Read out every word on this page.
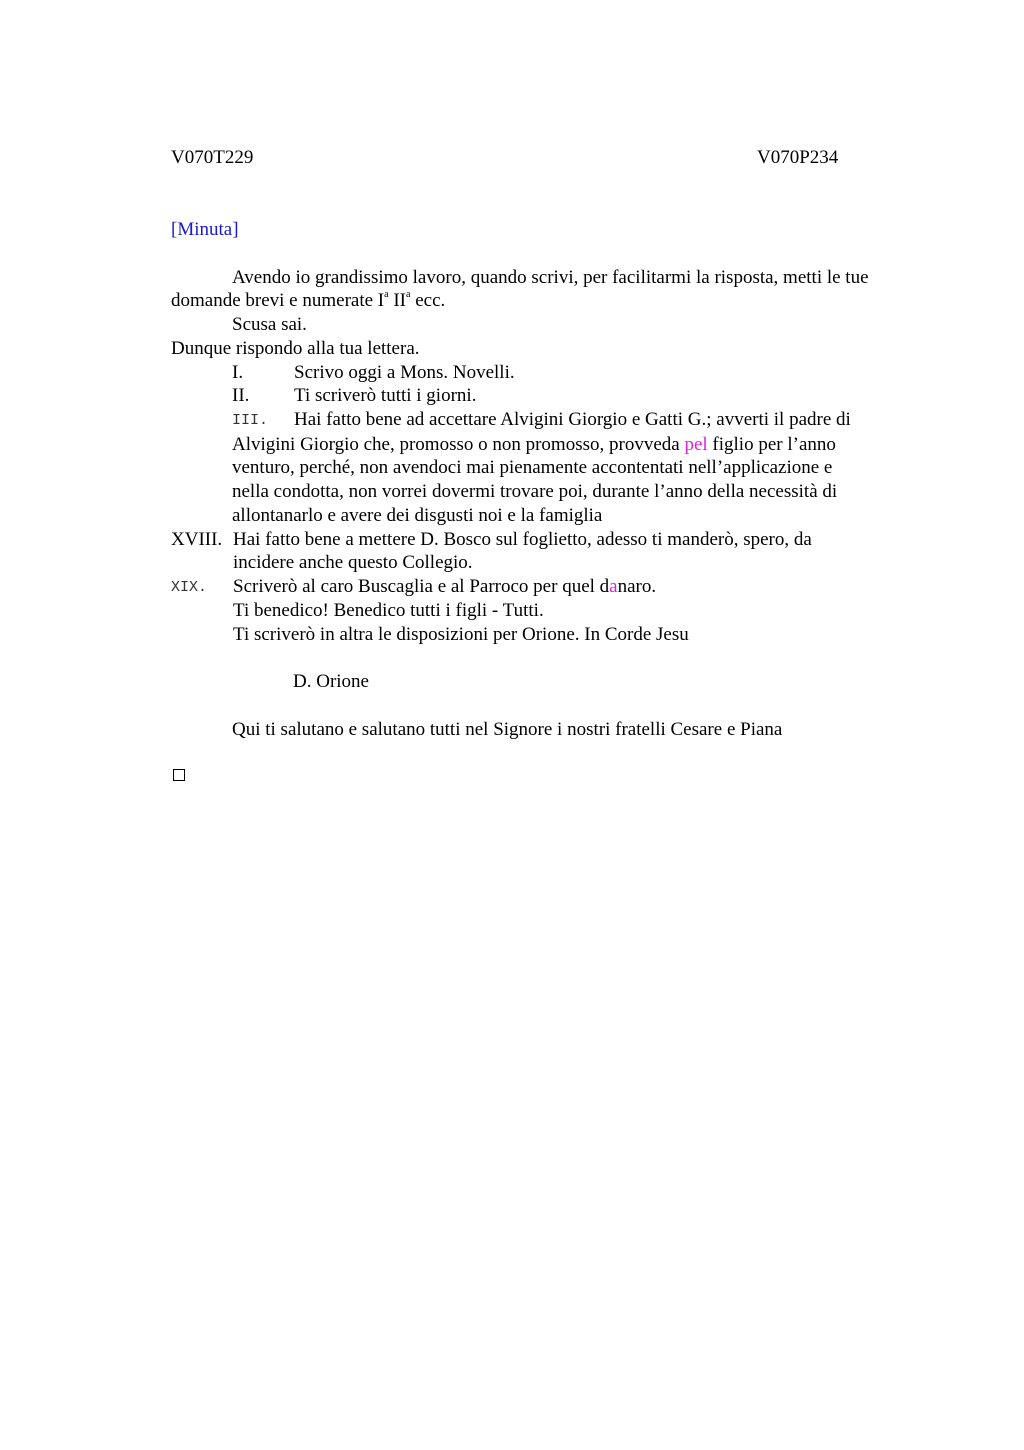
V070T229	V070P234
[Minuta]
Avendo io grandissimo lavoro, quando scrivi, per facilitarmi la risposta, metti le tue
domande brevi e numerate $I^a$ $II^a$ ecc.
Scusa sai.
Dunque rispondo alla tua lettera.
I.	Scrivo oggi a Mons. Novelli.
II. Ti scriverò tutti i giorni.
III. Hai fatto bene ad accettare Alvigini Giorgio e Gatti G.; avverti il padre di
Alvigini Giorgio che, promosso o non promosso, provveda pel figlio per l’anno
venturo, perché, non avendoci mai pienamente accontentati nell’applicazione e
nella condotta, non vorrei dovermi trovare poi, durante l’anno della necessità di
allontanarlo e avere dei disgusti noi e la famiglia
XVIII. Hai fatto bene a mettere D. Bosco sul foglietto, adesso ti manderò, spero, da
incidere anche questo Collegio.
XIX. Scriverò al caro Buscaglia e al Parroco per quel danaro.
Ti benedico! Benedico tutti i figli - Tutti.
Ti scriverò in altra le disposizioni per Orione. In Corde Jesu
D. Orione
Qui ti salutano e salutano tutti nel Signore i nostri fratelli Cesare e Piana
